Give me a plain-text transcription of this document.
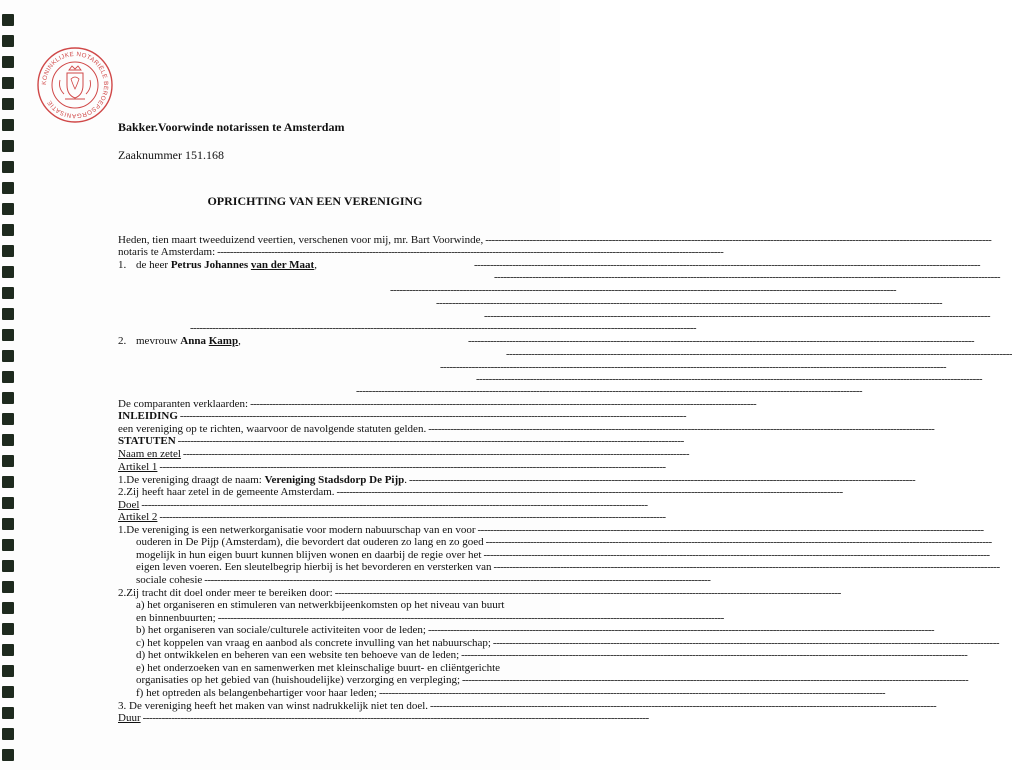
KONINKLIJKE NOTARIËLE BEROEPSORGANISATIE
Bakker.Voorwinde notarissen te Amsterdam
Zaaknummer 151.168
OPRICHTING VAN EEN VERENIGING
Heden, tien maart tweeduizend veertien, verschenen voor mij, mr. Bart Voorwinde, ----------------------------------------------------------------------------------------------------------------------------------------------------------------
notaris te Amsterdam: ----------------------------------------------------------------------------------------------------------------------------------------------------------------
1. de heer Petrus Johannes van der Maat,	----------------------------------------------------------------------------------------------------------------------------------------------------------------
----------------------------------------------------------------------------------------------------------------------------------------------------------------
----------------------------------------------------------------------------------------------------------------------------------------------------------------
----------------------------------------------------------------------------------------------------------------------------------------------------------------
----------------------------------------------------------------------------------------------------------------------------------------------------------------
----------------------------------------------------------------------------------------------------------------------------------------------------------------
2. mevrouw Anna Kamp,	----------------------------------------------------------------------------------------------------------------------------------------------------------------
----------------------------------------------------------------------------------------------------------------------------------------------------------------
----------------------------------------------------------------------------------------------------------------------------------------------------------------
----------------------------------------------------------------------------------------------------------------------------------------------------------------
----------------------------------------------------------------------------------------------------------------------------------------------------------------
De comparanten verklaarden: ----------------------------------------------------------------------------------------------------------------------------------------------------------------
INLEIDING ----------------------------------------------------------------------------------------------------------------------------------------------------------------
een vereniging op te richten, waarvoor de navolgende statuten gelden. ----------------------------------------------------------------------------------------------------------------------------------------------------------------
STATUTEN ----------------------------------------------------------------------------------------------------------------------------------------------------------------
Naam en zetel ----------------------------------------------------------------------------------------------------------------------------------------------------------------
Artikel 1 ----------------------------------------------------------------------------------------------------------------------------------------------------------------
1. De vereniging draagt de naam:
Vereniging Stadsdorp De Pijp . ----------------------------------------------------------------------------------------------------------------------------------------------------------------
2. Zij heeft haar zetel in de gemeente Amsterdam. ----------------------------------------------------------------------------------------------------------------------------------------------------------------
Doel ----------------------------------------------------------------------------------------------------------------------------------------------------------------
Artikel 2 ----------------------------------------------------------------------------------------------------------------------------------------------------------------
1. De vereniging is een netwerkorganisatie voor modern nabuurschap van en voor ----------------------------------------------------------------------------------------------------------------------------------------------------------------
ouderen in De Pijp (Amsterdam), die bevordert dat ouderen zo lang en zo goed ----------------------------------------------------------------------------------------------------------------------------------------------------------------
mogelijk in hun eigen buurt kunnen blijven wonen en daarbij de regie over het ----------------------------------------------------------------------------------------------------------------------------------------------------------------
eigen leven voeren. Een sleutelbegrip hierbij is het bevorderen en versterken van ----------------------------------------------------------------------------------------------------------------------------------------------------------------
sociale cohesie ----------------------------------------------------------------------------------------------------------------------------------------------------------------
2. Zij tracht dit doel onder meer te bereiken door: ----------------------------------------------------------------------------------------------------------------------------------------------------------------
a) het organiseren en stimuleren van netwerkbijeenkomsten op het niveau van buurt
en binnenbuurten; ----------------------------------------------------------------------------------------------------------------------------------------------------------------
b) het organiseren van sociale/culturele activiteiten voor de leden; ----------------------------------------------------------------------------------------------------------------------------------------------------------------
c) het koppelen van vraag en aanbod als concrete invulling van het nabuurschap; ----------------------------------------------------------------------------------------------------------------------------------------------------------------
d) het ontwikkelen en beheren van een website ten behoeve van de leden; ----------------------------------------------------------------------------------------------------------------------------------------------------------------
e) het onderzoeken van en samenwerken met kleinschalige buurt- en cliëntgerichte
organisaties op het gebied van (huishoudelijke) verzorging en verpleging; ----------------------------------------------------------------------------------------------------------------------------------------------------------------
f) het optreden als belangenbehartiger voor haar leden; ----------------------------------------------------------------------------------------------------------------------------------------------------------------
3. De vereniging heeft het maken van winst nadrukkelijk niet ten doel. ----------------------------------------------------------------------------------------------------------------------------------------------------------------
Duur ----------------------------------------------------------------------------------------------------------------------------------------------------------------
